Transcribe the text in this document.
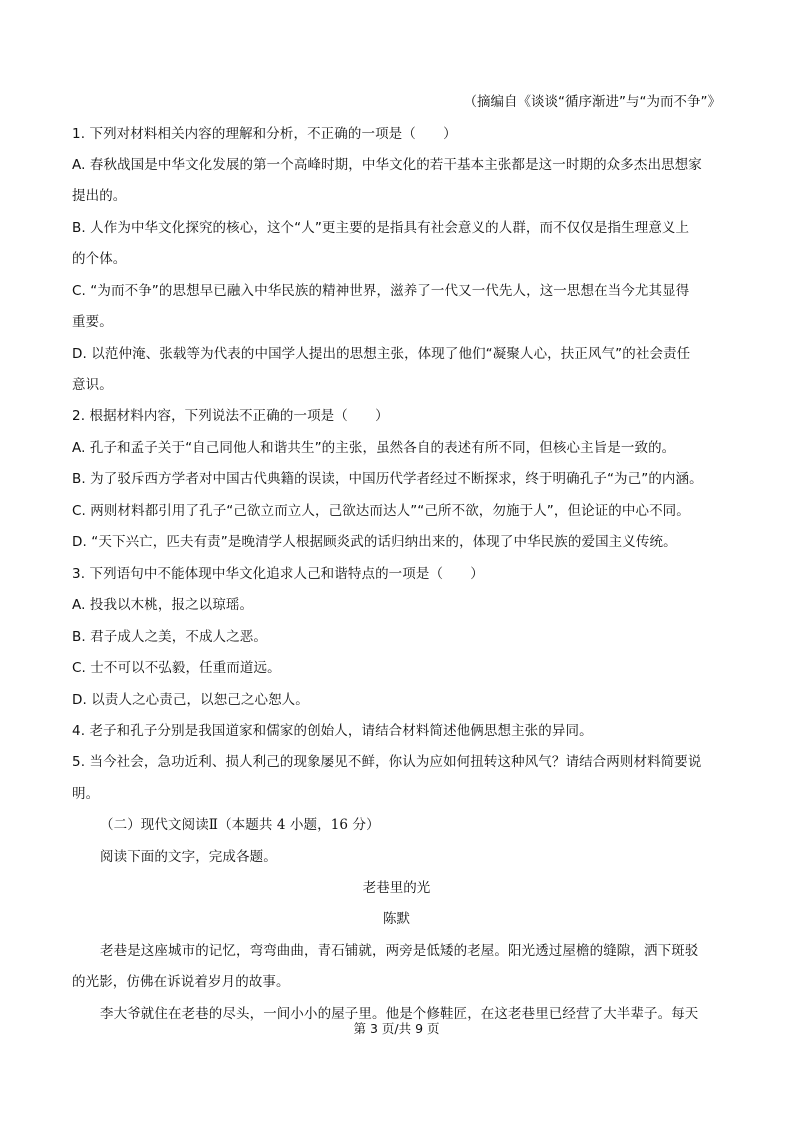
（摘编自《谈谈“循序渐进”与“为而不争”》
1. 下列对材料相关内容的理解和分析，不正确的一项是（　　）
A. 春秋战国是中华文化发展的第一个高峰时期，中华文化的若干基本主张都是这一时期的众多杰出思想家
提出的。
B. 人作为中华文化探究的核心，这个“人”更主要的是指具有社会意义的人群，而不仅仅是指生理意义上
的个体。
C. “为而不争”的思想早已融入中华民族的精神世界，滋养了一代又一代先人，这一思想在当今尤其显得
重要。
D. 以范仲淹、张载等为代表的中国学人提出的思想主张，体现了他们“凝聚人心，扶正风气”的社会责任
意识。
2. 根据材料内容，下列说法不正确的一项是（　　）
A. 孔子和孟子关于“自己同他人和谐共生”的主张，虽然各自的表述有所不同，但核心主旨是一致的。
B. 为了驳斥西方学者对中国古代典籍的误读，中国历代学者经过不断探求，终于明确孔子“为己”的内涵。
C. 两则材料都引用了孔子“己欲立而立人，己欲达而达人”“己所不欲，勿施于人”，但论证的中心不同。
D. “天下兴亡，匹夫有责”是晚清学人根据顾炎武的话归纳出来的，体现了中华民族的爱国主义传统。
3. 下列语句中不能体现中华文化追求人己和谐特点的一项是（　　）
A. 投我以木桃，报之以琼瑶。
B. 君子成人之美，不成人之恶。
C. 士不可以不弘毅，任重而道远。
D. 以责人之心责己，以恕己之心恕人。
4. 老子和孔子分别是我国道家和儒家的创始人，请结合材料简述他俩思想主张的异同。
5. 当今社会，急功近利、损人利己的现象屡见不鲜，你认为应如何扭转这种风气？请结合两则材料简要说
明。
（二）现代文阅读Ⅱ（本题共 4 小题，16 分）
阅读下面的文字，完成各题。
老巷里的光
陈默
老巷是这座城市的记忆，弯弯曲曲，青石铺就，两旁是低矮的老屋。阳光透过屋檐的缝隙，洒下斑驳
的光影，仿佛在诉说着岁月的故事。
李大爷就住在老巷的尽头，一间小小的屋子里。他是个修鞋匠，在这老巷里已经营了大半辈子。每天
第 3 页/共 9 页
